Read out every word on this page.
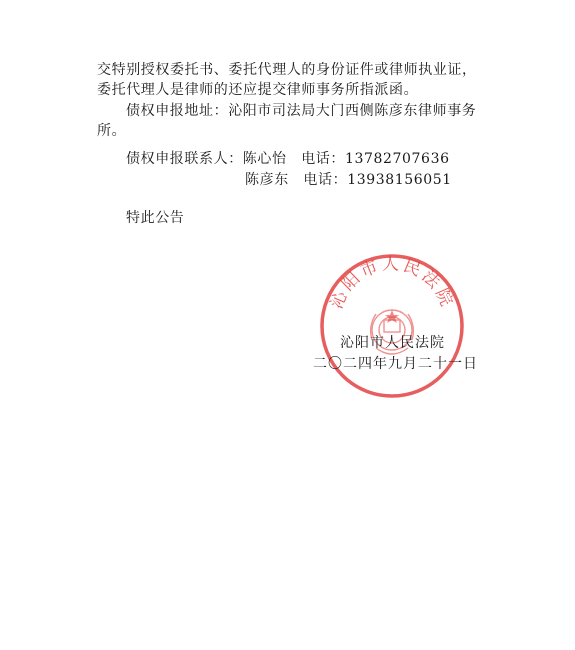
交特别授权委托书、委托代理人的身份证件或律师执业证，
委托代理人是律师的还应提交律师事务所指派函。
债权申报地址：沁阳市司法局大门西侧陈彦东律师事务
所。
债权申报联系人：陈心怡　电话：13782707636
陈彦东　电话：13938156051
特此公告
沁阳市人民法院
沁阳市人民法院
二〇二四年九月二十一日
